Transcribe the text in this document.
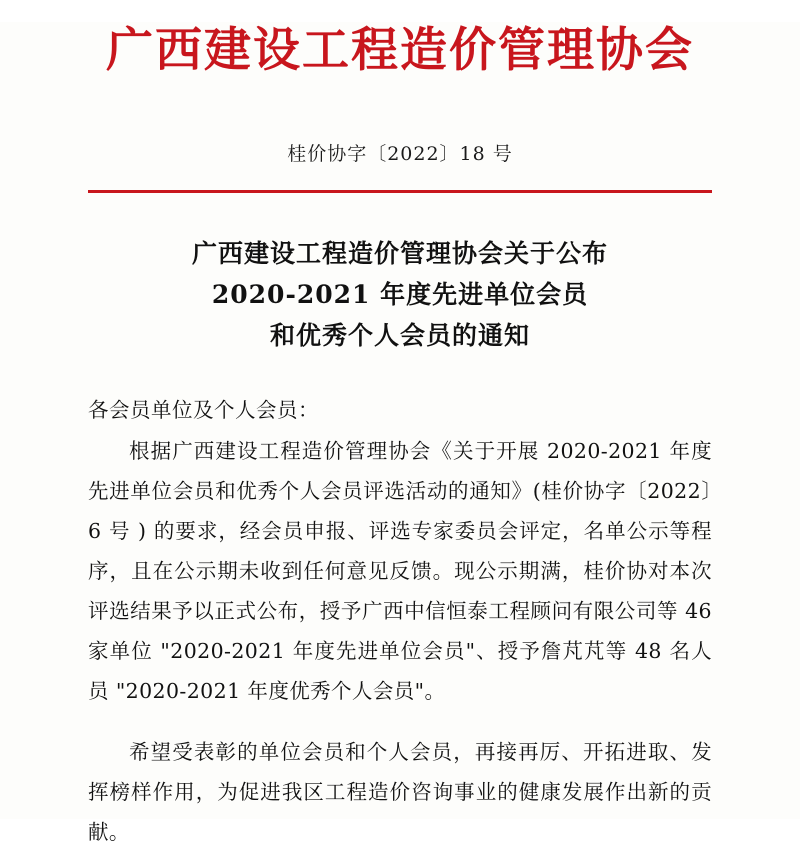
广西建设工程造价管理协会
桂价协字〔2022〕18 号
广西建设工程造价管理协会关于公布
2020-2021 年度先进单位会员
和优秀个人会员的通知
各会员单位及个人会员：

根据广西建设工程造价管理协会《关于开展 2020-2021 年度先进单位会员和优秀个人会员评选活动的通知》(桂价协字〔2022〕6 号 ) 的要求，经会员申报、评选专家委员会评定，名单公示等程序，且在公示期未收到任何意见反馈。现公示期满，桂价协对本次评选结果予以正式公布，授予广西中信恒泰工程顾问有限公司等 46 家单位 "2020-2021 年度先进单位会员"、授予詹芃芃等 48 名人员 "2020-2021 年度优秀个人会员"。

希望受表彰的单位会员和个人会员，再接再厉、开拓进取、发挥榜样作用，为促进我区工程造价咨询事业的健康发展作出新的贡献。
